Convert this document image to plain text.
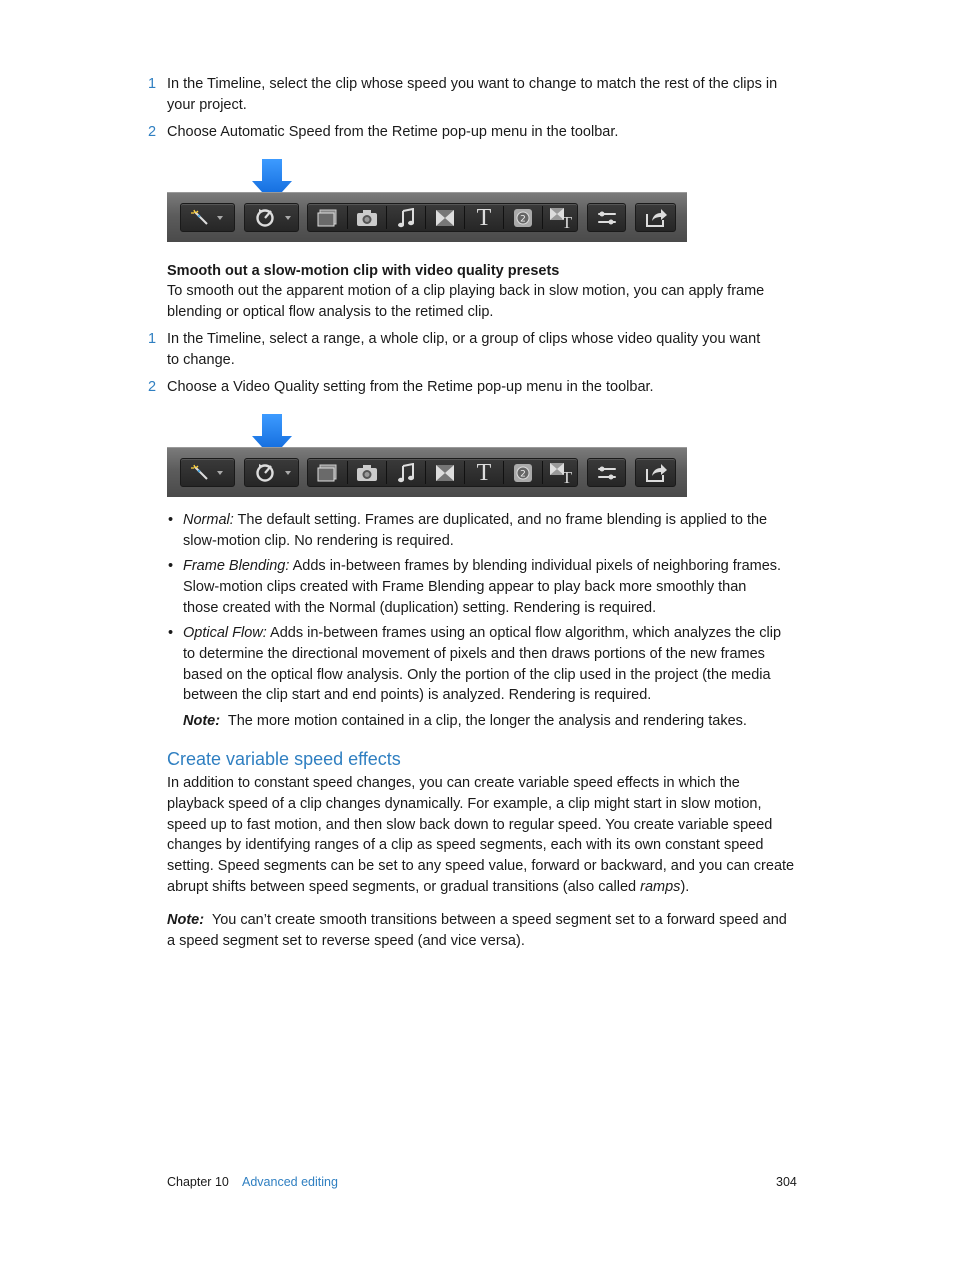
1 In the Timeline, select the clip whose speed you want to change to match the rest of the clips in
your project.
2 Choose Automatic Speed from the Retime pop-up menu in the toolbar.
T	2 T
Smooth out a slow-motion clip with video quality presets
To smooth out the apparent motion of a clip playing back in slow motion, you can apply frame
blending or optical flow analysis to the retimed clip.
1 In the Timeline, select a range, a whole clip, or a group of clips whose video quality you want
to change.
2 Choose a Video Quality setting from the Retime pop-up menu in the toolbar.
T	2 T
• Normal: The default setting. Frames are duplicated, and no frame blending is applied to the
slow-motion clip. No rendering is required.
• Frame Blending: Adds in-between frames by blending individual pixels of neighboring frames.
Slow-motion clips created with Frame Blending appear to play back more smoothly than
those created with the Normal (duplication) setting. Rendering is required.
• Optical Flow: Adds in-between frames using an optical flow algorithm, which analyzes the clip
to determine the directional movement of pixels and then draws portions of the new frames
based on the optical flow analysis. Only the portion of the clip used in the project (the media
between the clip start and end points) is analyzed. Rendering is required.
Note: The more motion contained in a clip, the longer the analysis and rendering takes.
Create variable speed effects
In addition to constant speed changes, you can create variable speed effects in which the
playback speed of a clip changes dynamically. For example, a clip might start in slow motion,
speed up to fast motion, and then slow back down to regular speed. You create variable speed
changes by identifying ranges of a clip as speed segments, each with its own constant speed
setting. Speed segments can be set to any speed value, forward or backward, and you can create
abrupt shifts between speed segments, or gradual transitions (also called ramps).
Note: You can’t create smooth transitions between a speed segment set to a forward speed and
a speed segment set to reverse speed (and vice versa).
Chapter 10 Advanced editing	304
